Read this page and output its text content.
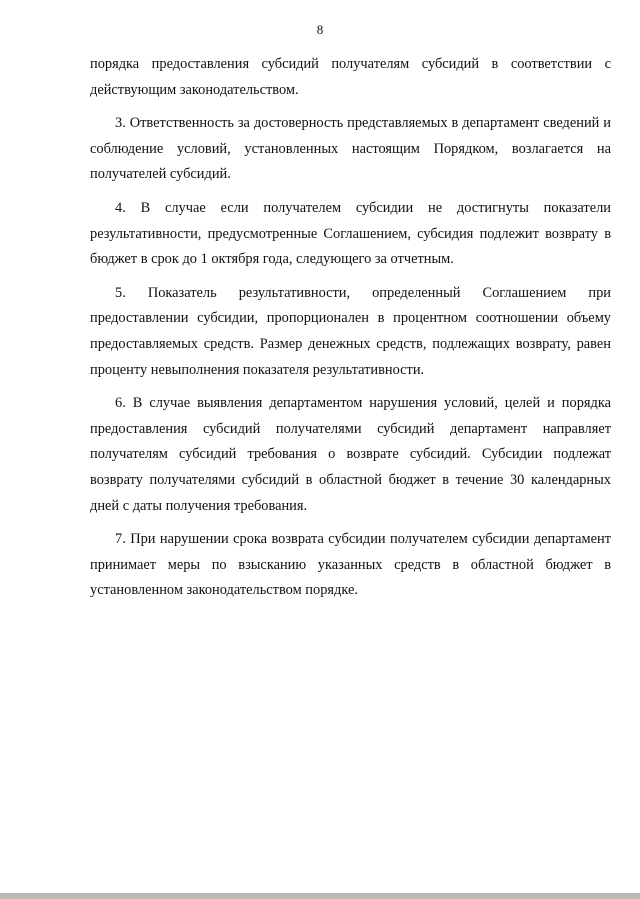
8

порядка предоставления субсидий получателям субсидий в соответствии с действующим законодательством.

3. Ответственность за достоверность представляемых в департамент сведений и соблюдение условий, установленных настоящим Порядком, возлагается на получателей субсидий.

4. В случае если получателем субсидии не достигнуты показатели результативности, предусмотренные Соглашением, субсидия подлежит возврату в бюджет в срок до 1 октября года, следующего за отчетным.

5. Показатель результативности, определенный Соглашением при предоставлении субсидии, пропорционален в процентном соотношении объему предоставляемых средств. Размер денежных средств, подлежащих возврату, равен проценту невыполнения показателя результативности.

6. В случае выявления департаментом нарушения условий, целей и порядка предоставления субсидий получателями субсидий департамент направляет получателям субсидий требования о возврате субсидий. Субсидии подлежат возврату получателями субсидий в областной бюджет в течение 30 календарных дней с даты получения требования.

7. При нарушении срока возврата субсидии получателем субсидии департамент принимает меры по взысканию указанных средств в областной бюджет в установленном законодательством порядке.
